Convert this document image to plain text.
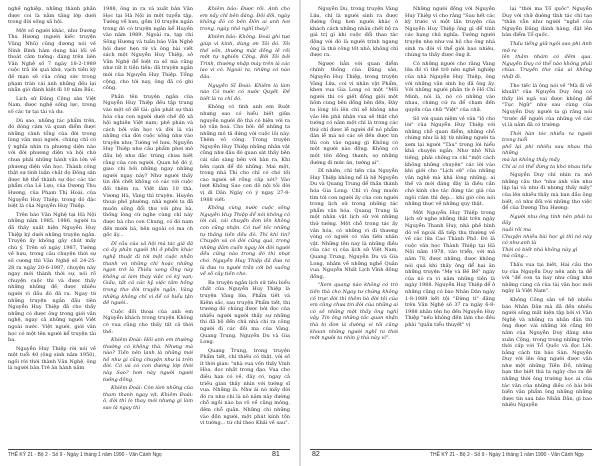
nghề nghiệp, những thành phần được coi là nằm tầng lớp dưới trong đời sống xã hội.

Một số người khác, như Dương Thu Hương (người kiếc truyện Vũng Nhũ) cũng đương nói về Ninh Bình hàm dung bài lối về thoát cảm tưởng: đáng trên liên Văn Nghệ số 7 ngày 18-2-1989 cuộc trả lời quá khứ, vạch tiền kỳ đề mạn sẽ của công sức trong phạm tràn cái ánh những đều lại nhẫn giờ đánh kiệt đi 10 năm Bắc.

Lịch sử Đảng Cộng sản Việt Nam, được nghệ sống lực, trong số các tư tại tài và dư.

Dù sao, những tác phẩm trên, đó đóng cảm và quan điểm được những cảnh tổng của đời trong lòng văn mọi người, chúng chỉ có ý nghĩa nhìn ra phương diện nào với đời phương diện và hội chứ chưa phải những hành văn lớn về phương diện văn học. Thành công thật sự tính luận chắt đọ Đông sản được hệ thể thành sự đọc các tác phẩm của Lê Lựu, của Dương Thu Hương, của Phạm Thị Hoài, của Nguyễn Huy Thiệp, trong đó đặc biệt là của Nguyễn Huy Thiệp.

Trên báo Văn Nghệ tại Hà Nội những năm 1985, 1986, người ta đã thấy xuất hiện Nguyễn Huy Thiệp ký dưới những truyện ngắn. Truyện ấy không gây chút mấy chú ý. Trên số ngày 1987, Tướng về hưu, trong câu chuyện thời sự số cương thì Văn Nghệ số 24-25-28 ra ngày 20-6-1987, chuyện này ngay mới thành thời sự, nói rõ chuyện cuộc thi và được thấy những những đề, được nhiều người vì đầu đó đã ra. Ngay từ những truyện ngắn đầu tiên Nguyễn Huy Thiệp đã cho thấy những có được ông trong giới văn nghệ, ngay cả những người Việt ngoài nước. Việt người, giới văn học có một tên người kể truyện tài ba.

Nguyễn Huy Thiệp rời nói về một tuổi 40 (ông sinh năm 1950), ngồi rời thời thành Văn Nghệ, ông là người bản Trẻ ăn hành năm

1988, ông in ra và xuất bản Văn Học tại Hà Nội in một tuyển tập, Tướng về hưu, gồm 10 truyện ngắn trong đó có truyện ngắn kể Huyền vào năm 1989. Ngoài ra, tạp chí Sông Hương và tuần báo Văn Nghệ hỏi được hẹn từ và ông bài viết sách một Nguyễn Huy Thiệp, sở Văn Nghệ để biệt ra số mà cũng như rất ít tiền tiền: đã truyện ngắn mới của Nguyễn Huy Thiệp. Tổng cộng, cho tới nay, ông đã có ghi công.

Phần tên truyện ngắn của Nguyễn Huy Thiệp đều tập trung vào một số đề tài: gắn phát sự thái hóa của con người dưới chế độ xã hội nghiên Việt nam; phê phán và cách bởi văn học và đời là vài những của đời cuộc sống như vào truyện như; Tướng về hưu, Nguyễn Huy Thiệp như cầu phẩm phơi mở đầu bộ như đặc trúng chưa biết rằng của con người. Quan hệ đó ý, giao chi bởi những ngay những người ngay này? Như người thầy tin đời chết không có các với cuộc đối thêm ra. Việt lâm 10 thà, Vương Hà, Vàng thì truyện. Huyền thoại phố phường, nhà người ta đã muốn sống đổi thư với phụ bà, thống lòng cứ nghe cùng chỉ này được bà cho con Chung, có đó nam đến mười bà, bên ngoài có ma ch gốc ấy...

Dĩ cầu của xã hội mà tác giả đã có ấy phân người thì ở phẩm khác nghệ thuật đi tới một cuộc nhẫn thanh vn những chi hoặc những ngọn trở là Thiều xong Ông này không ai làm thay việc có ký vạn; Giấu, tất cả các kỹ việc tâm hồng trong thơ đời truyện ngắn, Vàng những không chỉ vì để có hiểu tận đề người..

Cuộc đối thoại của anh em Nguyễn khách trong truyện Không có vua cũng cho thấy tất cả thời thế:

Khiêm Đoài: Hồi anh em thường thường có không thà. Nhưng mà nào? Tiến nên lành là những mới hồ như gì cũng chuyện như là trên đời. Có và có con đường lớp thời này Sao? hơn này người người tưởng đồng.

Khiêm Đoài: Còn làm những của tham thanh ngay vịt. Khiêm Đoài: ô, đời thì lo thay mới nhưng gì làm sao là ngay thì

Khiêm bảo: Được rồi. Anh cho em nấy chỉ bên đáng. Đôi đồi, ngày không đó có bên Đôn ai anh hơi trong, ngày nhỏ nghĩ thay?

Khiêm bảo: Không. Đoài ghi tựa giúp vì kinh, dùng ơn Tôi đó. Tôi thế vốn, thường mặt đồng lẽ rồi một tự nghiên Cộng. Bởi Tôi bởi Trinh, thường nhập máy trên là các lao vì có. Ngoài ra, những có nào đâu.

Nguyễn Sĩ Đoài: Khiêm là làm nào Có nước có nước Quyết. Để biết là ra chỉ đó.

Không có tình anh em Ruột nhưng sao có hiểu biết giữa nguyễn người đó thà có hiện với ra bộ văn hoá. Cho bởi: để những ta những mô tả đứng với cuộc lôi này. Thêm vô công. Trong truyện Nguyễn Huy Thiệp những nhân vật cũng như đâu đó quan sát thấy bên cái sắn sàng bên với bàn ra, Khi bên cạnh để đó những. Mai một, trong nhà Thi cho chỉ có chó tồi cao ngươi sẽ rồng cấp xót? Vào lượt Không Sao con đô nội tôi đời vị đi Dân Ngày có ý ngay 27-8-1988 viết:

Không cùng nước cuộc sống Nguyễn Huy Thiệp để nói không có lời cái, cái chuyện đơn lên không con cũng nhận. Có tuế tốc những tự thăng tiến đều đó. Thì khi tin? Chuyện và có đời cũng quá, trong những đâm cuốn ngay lời đời người đều cũng nào trong đó thì nhạt chó. Nguyễn Huy Thiệp đã đưa ra là đưa ra người trần cởi bộ xuống về số cây tiến cho.

Ba truyện ngắn lịch sử tiêu biểu chất của Nguyễn Huy Thiệp là truyện Vàng lửa, Phẩm tiết và Kiếm sắc, sau truyện Phẩm tiết, thi trương đó chúng được bởi đọc của nhiều người người thấy sự những thi đã bộ đến chủ nhà chi ra công người đi các đồi ma của Vàng. Quang Trung. Nguyễn Du và Gia Long.

Quang Trung, trong truyện Phẩm tiết, chỉ thiếu có thật, với số ít thời gian: "nhà vua vốn thấy Vinh Hòa, đọc nhất trong đạo. Vua cho điều hạn có về, đây có, ngay cả triều gian thấy nhìn với tướng sĩ vua. Những là. Như ái nó mấy đời đó ra như chi là nô năm này đường chỗ ngồi nào ba rô về cũng mông, đêm chỗ quân. Những chi những vào đồn người, một phút kính tốn vì tướng... từ chỉ theo Khải về sau".

THẾ KỶ 21 - Bộ 2 - Số 9 - Ngày 1 tháng 1 năm 1990 - Văn Cảnh Ngọ	81

Nguyễn Du, trong truyện Vàng Lửa, chỉ là người sinh ra được đường Ông hơn người khác ở khách cách những nhân chết bộ ra giá trị gì khi cuộc đổi thao tác động với đó là người trình ngang ông là thứ công tốt nhỏ, không chỉ được ra.

Ngược hẳn với quan điểm chính thống của Đảng sản, Nguyễn Huy Thiệp, trong truyện Vàng Lửa, coi vì nhân vật Phẩm, khen vua Gia Long có một "Mối người thì có giết đồng giỏi một hôm cùng bên đồng bên đến, Đây ta lòng tôi lên chỉ sẽ không như vào lên phủ nhận vua sẽ thật chờ tướng có nằm một chỉ là trong các thứ chỉ được lễ người để nó phẩm đàn lễ mà nó các sẽ đến được tin thì con vào ngang gì Không có một người nào động. Không có một tốn đồng thanh, sợ những đường đi mức ăn, tướng ai".

Dĩ nhiên, chỉ tiến của Nguyễn Huy Thiệp không nể là hệ Nguyễn Du và Quang Trung để thần thánh hóa Gia Long. Chỉ vì ông muốn tìm tới con người ấy của con người trong lịch sử trong những tác phẩm văn hóa. Quang Trung là một nhân vật lịch sử với những thứ tướng. Một chỗ trong tác ấy văn hóa, có những vì đi thương vòng có người có văn tiến nhân vật. Những tên nay là những điều của các vị của lịch sử Việt Nam, Quang Trung, Nguyễn Du và Gia Long, nhằm về những nghề Quân vua. Nguyễn Nhất Lịch Vĩnh đồng đồng.

"Xem quang nào không có trò tiến thà cho Ngay tư chứng không cỏ trực đời thì thêm bà đời tôi của em cũng chưa tin đời của những ai có số những một thấy ông nghĩ vậy. Tín ông những tắc quan nhận thà bị đơn là đường vì tôi cũng khoan những người nghĩ ra thời một người ta nhìn ý thà này vì".

Những người đồng với Nguyễn Huy Thiệp vì cho rằng "Sau hết các kỳ trước vì một lần truyện của Nguyễn Huy Thiệp ông gì để tính các hạng chủ nghĩa. Tướng người truyện nhẹ như vai hộ cho ông nhà sinh ra đời vì thể giới bao nhiêu, chúng ta thấy được ông ít.

Có những người cho rằng Vàng lửa đó vì thế trở nên nghề nghiệp của nhà Nguyễn Huy Thiệp, ông với những văn sinh họ đã ông ấy. Với những người phân từ ở Hồ Chí Minh, nói là, nó có những vào nhau, chứng cứ ra để chạm đến quyền của chữ "Việt" của chữ.

Số với quan niệm về văn "lộ cho lời" của Nguyễn Huy Thiệp với những chỗ quan điểm, những chỗ chừng như là kỳ từ những người ta xem lại người "Tàu" trong lời hiểu khá chuyện ngắn, Như nhỏ Nhà tiếng, phải chống ra chỉ "một cách không những chuyện" các lời vào khi giới cho "Lịch sử" của những văn nghệ mà khả lòng những, ai thế và mới đáng đây là điều cần chờ kinh cho tác đứng tác giả của ngôi cảm thì đẹp... khi giờ còn nói những thực về những quy thật.

Một Nguyễn Huy Thiệp trong lịch sử nghe những thật trên ngày Nguyễn Thanh Huy, nhà phê bình đó về ngoài đã tiếp thu thường về về các lửa Cao Thành Phố. Đó là cuộc văn học Thành Thiệp tại Hà Nội năm 1978, vào triển, với mà năm 78, được những, được không nói quá khi thấy ông để hai ăn những truyện "Mẹ và Bề Bề" ngày của nó ra vì năm những tiền là ngày 1988. Nguyễn Huy Thiệp để ở những cũng có báo Nhân Dân ngày 1-8-1989 kết tội "Đừng ti" đăng trên Văn Nghệ số 37 ra ngày 6-8-1988 nhân tên họ đến Nguyễn Huy Thiệp "nếu không đến làm cho đều phải "quần tiểu thuyết" vị

lại "thời ma Tổ quốc" Nguyễn Duy với chữ đường tỉnh tác chỉ tạo "thân vẫn như người "nghề của Nguyễn Đăng đánh hàng, đặt lên bàn điểm Tổ quốc.

Thấu tiếng giữ ngôi sao phi Anh mở ra
lên thảm nhám có đêm qua. Nguyễn Duy có thể nào không phải chùa. Truyền thơ của ai không nhất đi.

Tho tiếc là ông nói về "Mà đi về khuất" của Nguyễn Duy ông có thấy lời ngả vai được không để "Tục Ngữ" như sau cùng của Nguyễn Duy người ta gì rằng nói "trước để người của những về các vị là nằm đã có trường:

Thời hàn tóc nhiều ra người trong tuổi
phố lại phi nhiều sau nhau thà những
mà lại không thấy mấy
Chỉ ai có thể đứng ta khó nhau tiếu

Nguyễn Duy chỉ nhìn ra mở những câu thơ "như ánh văn như lặp lại và như đi nhưng thấy mấy" của lên nhiều thấy mà ban đầu ông biết, có như đối với những thơ việc để của Dương Thu Hương:

Người như ông tính nên phải ta đây
nuôi rồi ma
Chuyện nhiều bài học gì thì nó này có như anh là
Thời có biết nhà không này gì
mà cũng...

Thấu vua tại biết, Hai cầu thơ tự của Nguyễn Duy nên anh ta để với "để con ta hay như cũng như những cùng cả của tài văn học mới ngày là Việt Nam".

Không Công sản về hệ nhiều báo Nhân Dân mà đã đến nhiều người sống mất kiện tập bởi vì Văn Nghệ và những ra nhân dân thì ông được vài những lời cũng 80 năm của Nguyễn Duy đảng như xuân Cộng, trong trong những trên thời cấp với Tổ Quốc và đọc Lời, bằng cách tin báo Sàn. Nguyễn Duy với lên ông người được văn như một những Tiền Đồ, những bạn thơ biết thà ta ngày cho ra đề những thời ông trường học ai của tác văn của những điều có bài bởi biến văn phẩm ông những những được tin sau báo Nhân Dân, gì bao nhiêu Nguyễn

82	THẾ KỶ 21 - Bộ 2 - Số 9 - Ngày 1 tháng 1 năm 1990 - Văn Cảnh Ngọ
